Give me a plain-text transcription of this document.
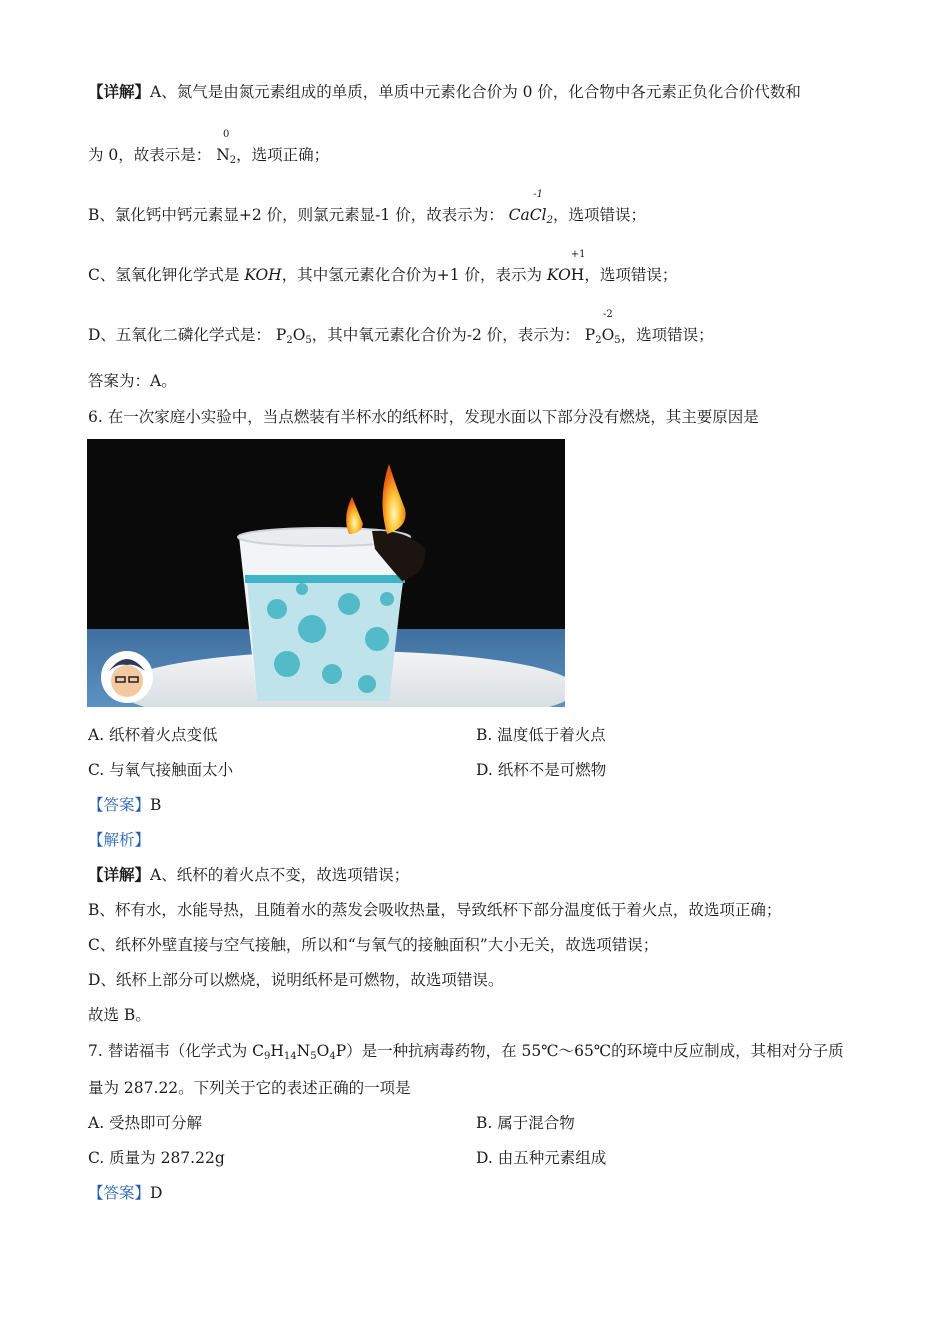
【详解】A、氮气是由氮元素组成的单质，单质中元素化合价为 0 价，化合物中各元素正负化合价代数和
为 0，故表示是：
0
$N_2$，选项正确；
B、氯化钙中钙元素显+2 价，则氯元素显-1 价，故表示为： Ca
-1
$Cl_2$，选项错误；
C、氢氧化钾化学式是 KOH，其中氢元素化合价为+1 价，表示为 KO
+1
H，选项错误；
D、五氧化二磷化学式是： $P_2O_5$，其中氧元素化合价为-2 价，表示为： $P_2$
-2
$O_5$，选项错误；
答案为：A。
6. 在一次家庭小实验中，当点燃装有半杯水的纸杯时，发现水面以下部分没有燃烧，其主要原因是
A. 纸杯着火点变低	B. 温度低于着火点
C. 与氧气接触面太小	D. 纸杯不是可燃物
【答案】B
【解析】
【详解】A、纸杯的着火点不变，故选项错误；
B、杯有水，水能导热，且随着水的蒸发会吸收热量，导致纸杯下部分温度低于着火点，故选项正确；
C、纸杯外壁直接与空气接触，所以和“与氧气的接触面积”大小无关，故选项错误；
D、纸杯上部分可以燃烧，说明纸杯是可燃物，故选项错误。
故选 B。
7. 替诺福韦（化学式为 $C_9H_{14}N_5O_4P$）是一种抗病毒药物，在 55℃～65℃的环境中反应制成，其相对分子质
量为 287.22。下列关于它的表述正确的一项是
A. 受热即可分解	B. 属于混合物
C. 质量为 287.22g	D. 由五种元素组成
【答案】D
